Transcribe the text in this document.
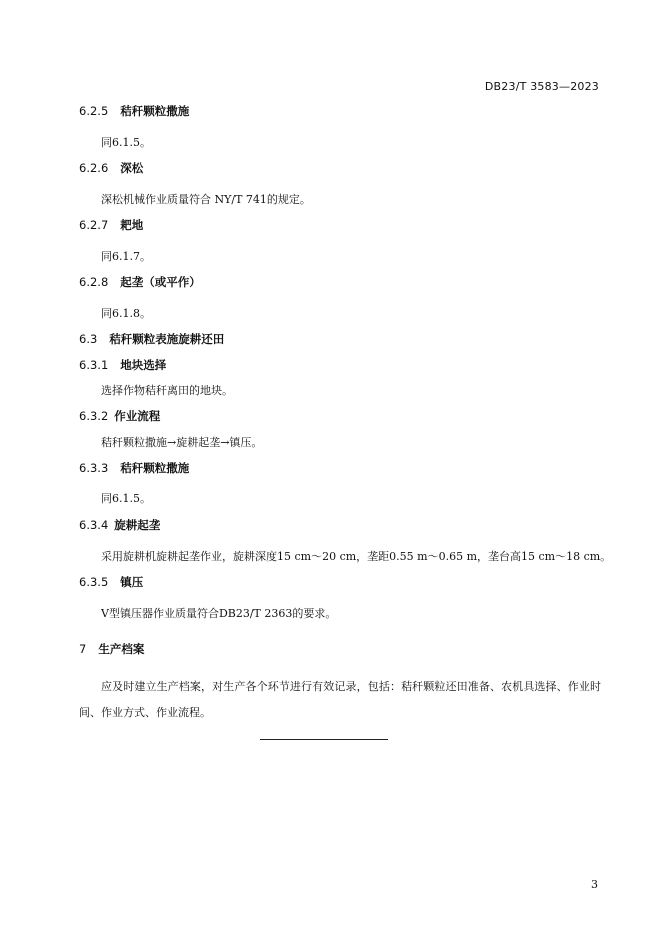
DB23/T 3583—2023
6.2.5 秸秆颗粒撒施
同6.1.5。
6.2.6 深松
深松机械作业质量符合 NY/T 741的规定。
6.2.7 耙地
同6.1.7。
6.2.8 起垄（或平作）
同6.1.8。
6.3 秸秆颗粒表施旋耕还田
6.3.1 地块选择
选择作物秸秆离田的地块。
6.3.2 作业流程
秸秆颗粒撒施→旋耕起垄→镇压。
6.3.3 秸秆颗粒撒施
同6.1.5。
6.3.4 旋耕起垄
采用旋耕机旋耕起垄作业，旋耕深度15 cm～20 cm，垄距0.55 m～0.65 m，垄台高15 cm～18 cm。
6.3.5 镇压
V型镇压器作业质量符合DB23/T 2363的要求。
7 生产档案
应及时建立生产档案，对生产各个环节进行有效记录，包括：秸秆颗粒还田准备、农机具选择、作业时间、作业方式、作业流程。
3
